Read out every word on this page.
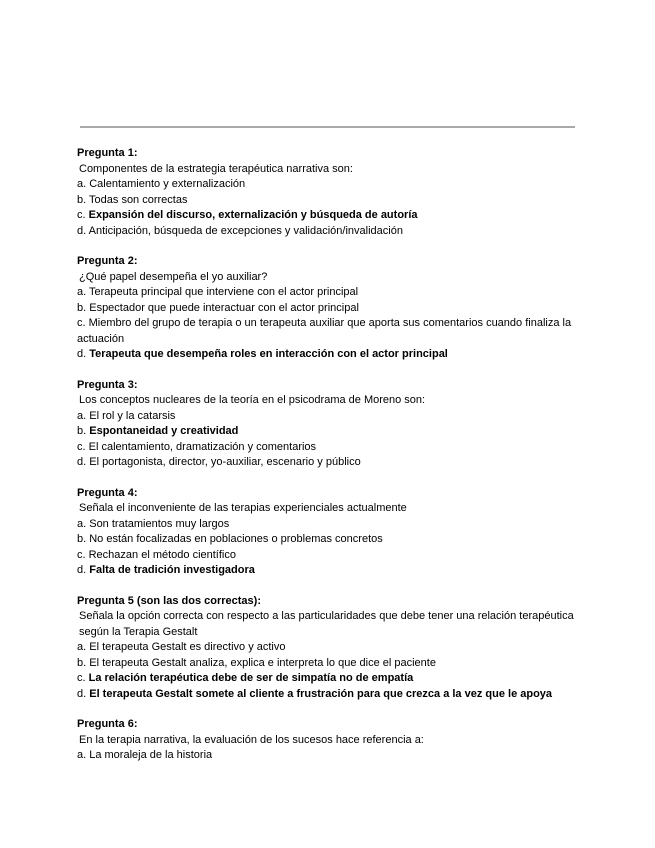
Pregunta 1:
Componentes de la estrategia terapéutica narrativa son:
a. Calentamiento y externalización
b. Todas son correctas
c. Expansión del discurso, externalización y búsqueda de autoría
d. Anticipación, búsqueda de excepciones y validación/invalidación
Pregunta 2:
¿Qué papel desempeña el yo auxiliar?
a. Terapeuta principal que interviene con el actor principal
b. Espectador que puede interactuar con el actor principal
c. Miembro del grupo de terapia o un terapeuta auxiliar que aporta sus comentarios cuando finaliza la actuación
d. Terapeuta que desempeña roles en interacción con el actor principal
Pregunta 3:
Los conceptos nucleares de la teoría en el psicodrama de Moreno son:
a. El rol y la catarsis
b. Espontaneidad y creatividad
c. El calentamiento, dramatización y comentarios
d. El portagonista, director, yo-auxiliar, escenario y público
Pregunta 4:
Señala el inconveniente de las terapias experienciales actualmente
a. Son tratamientos muy largos
b. No están focalizadas en poblaciones o problemas concretos
c. Rechazan el método científico
d. Falta de tradición investigadora
Pregunta 5 (son las dos correctas):
Señala la opción correcta con respecto a las particularidades que debe tener una relación terapéutica según la Terapia Gestalt
a. El terapeuta Gestalt es directivo y activo
b. El terapeuta Gestalt analiza, explica e interpreta lo que dice el paciente
c. La relación terapéutica debe de ser de simpatía no de empatía
d. El terapeuta Gestalt somete al cliente a frustración para que crezca a la vez que le apoya
Pregunta 6:
En la terapia narrativa, la evaluación de los sucesos hace referencia a:
a. La moraleja de la historia
